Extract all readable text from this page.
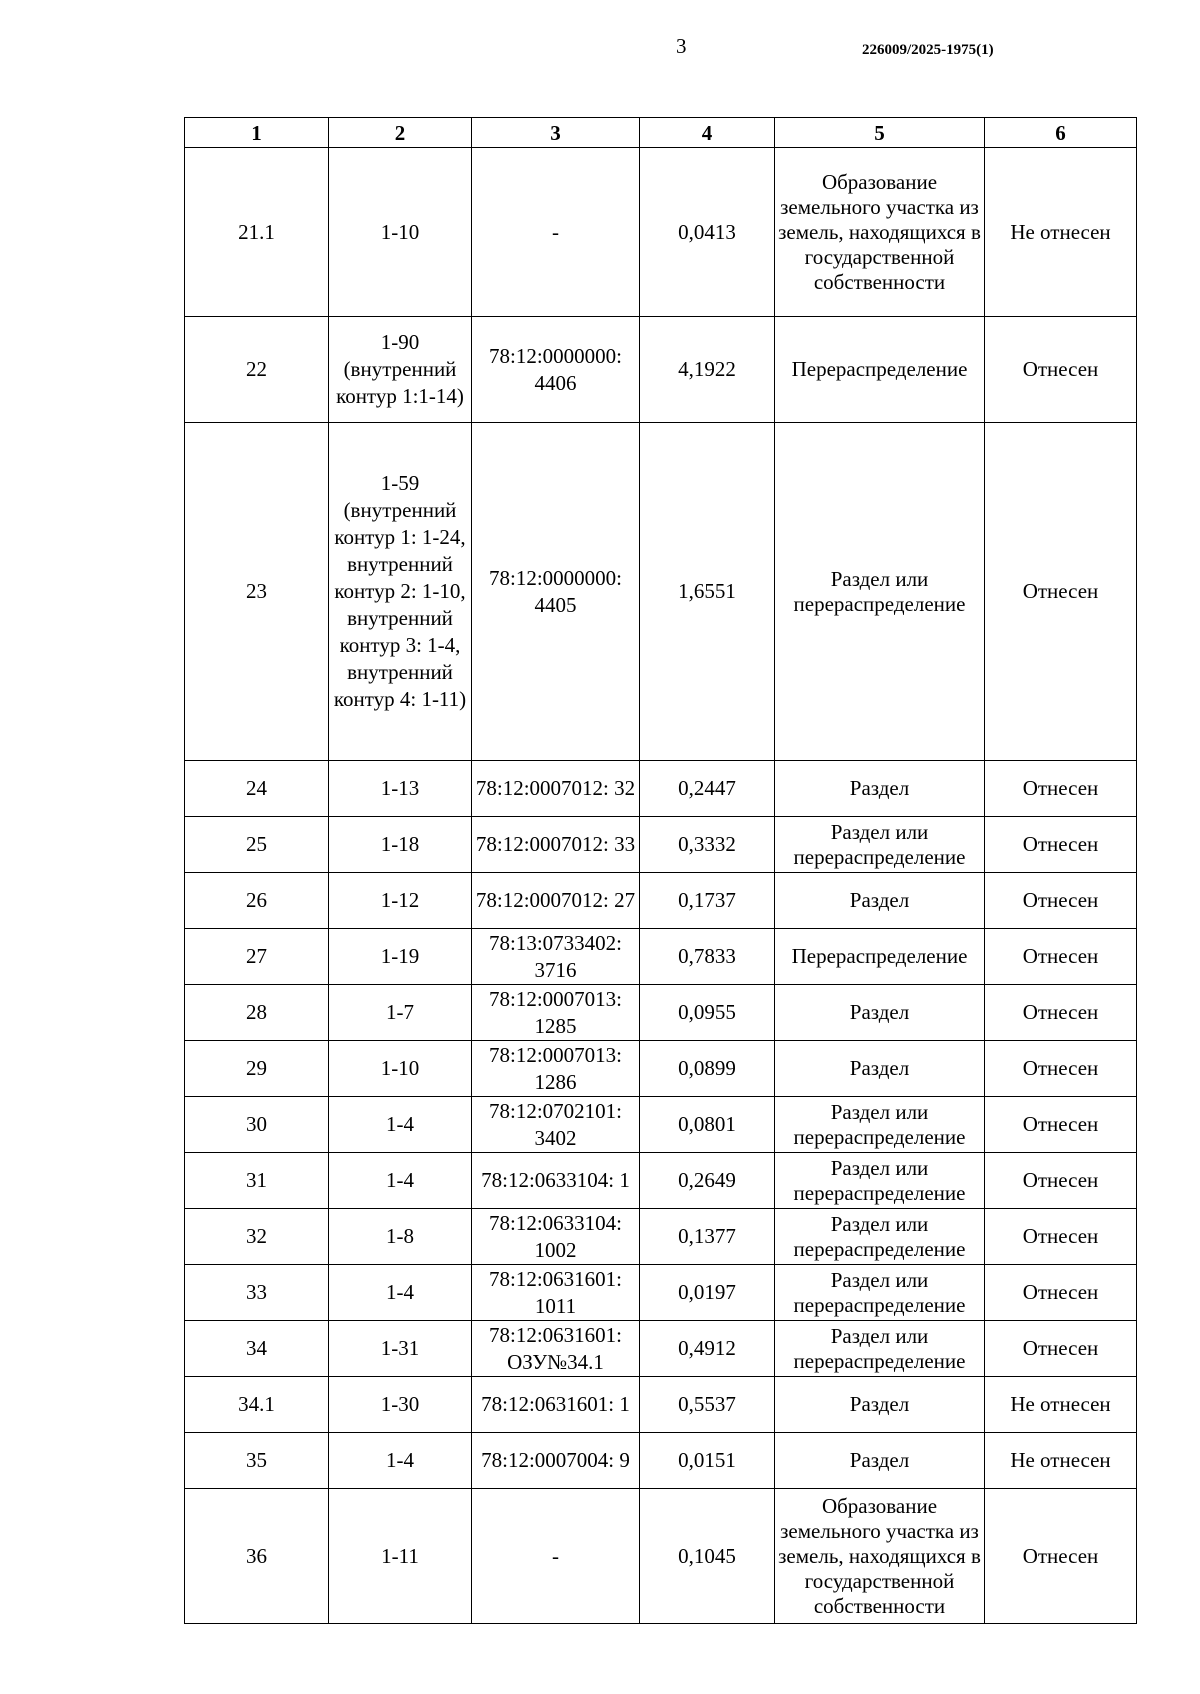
3	226009/2025-1975(1)
1	2	3	4	5	6
21.1	1-10	-	0,0413	Образование земельного участка из земель, находящихся в государственной собственности	Не отнесен
22	1-90 (внутренний контур 1:1-14)	78:12:0000000: 4406	4,1922	Перераспределение	Отнесен
23	1-59 (внутренний контур 1: 1-24, внутренний контур 2: 1-10, внутренний контур 3: 1-4, внутренний контур 4: 1-11)	78:12:0000000: 4405	1,6551	Раздел или перераспределение	Отнесен
24	1-13	78:12:0007012: 32	0,2447	Раздел	Отнесен
25	1-18	78:12:0007012: 33	0,3332	Раздел или перераспределение	Отнесен
26	1-12	78:12:0007012: 27	0,1737	Раздел	Отнесен
27	1-19	78:13:0733402: 3716	0,7833	Перераспределение	Отнесен
28	1-7	78:12:0007013: 1285	0,0955	Раздел	Отнесен
29	1-10	78:12:0007013: 1286	0,0899	Раздел	Отнесен
30	1-4	78:12:0702101: 3402	0,0801	Раздел или перераспределение	Отнесен
31	1-4	78:12:0633104: 1	0,2649	Раздел или перераспределение	Отнесен
32	1-8	78:12:0633104: 1002	0,1377	Раздел или перераспределение	Отнесен
33	1-4	78:12:0631601: 1011	0,0197	Раздел или перераспределение	Отнесен
34	1-31	78:12:0631601: ОЗУ№34.1	0,4912	Раздел или перераспределение	Отнесен
34.1	1-30	78:12:0631601: 1	0,5537	Раздел	Не отнесен
35	1-4	78:12:0007004: 9	0,0151	Раздел	Не отнесен
36	1-11	-	0,1045	Образование земельного участка из земель, находящихся в государственной собственности	Отнесен
